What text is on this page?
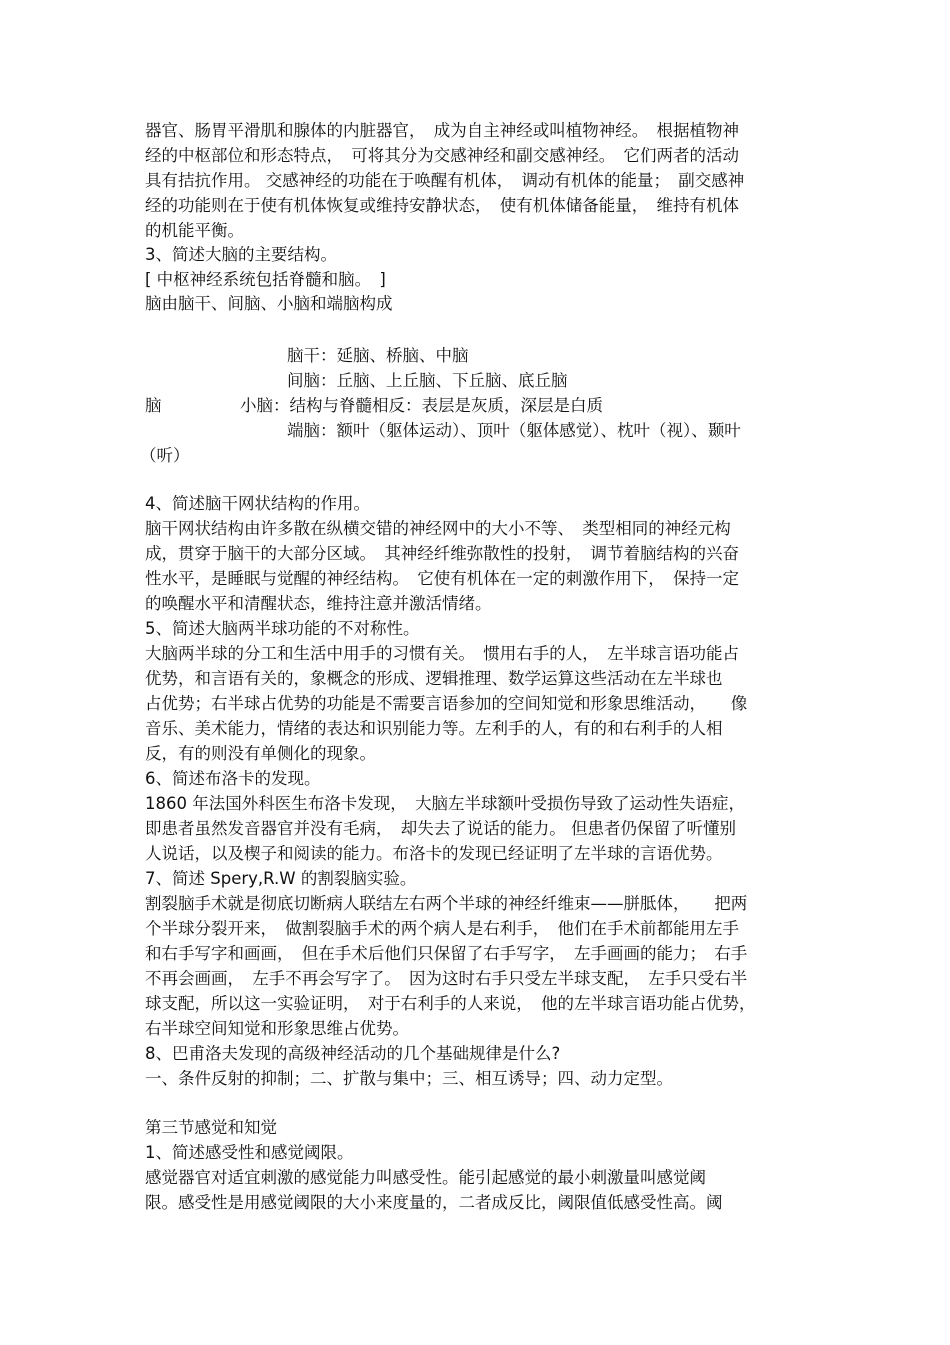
器官、肠胃平滑肌和腺体的内脏器官，　成为自主神经或叫植物神经。　根据植物神
经的中枢部位和形态特点，　可将其分为交感神经和副交感神经。　它们两者的活动
具有拮抗作用。 交感神经的功能在于唤醒有机体，　调动有机体的能量；　副交感神
经的功能则在于使有机体恢复或维持安静状态，　使有机体储备能量，　维持有机体
的机能平衡。
3、简述大脑的主要结构。
[ 中枢神经系统包括脊髓和脑。　]
脑由脑干、间脑、小脑和端脑构成
脑
脑干：延脑、桥脑、中脑
间脑：丘脑、上丘脑、下丘脑、底丘脑
小脑：结构与脊髓相反：表层是灰质，深层是白质
端脑：额叶（躯体运动）、顶叶（躯体感觉）、枕叶（视）、颞叶
（听）
4、简述脑干网状结构的作用。
脑干网状结构由许多散在纵横交错的神经网中的大小不等、　类型相同的神经元构
成，贯穿于脑干的大部分区域。　其神经纤维弥散性的投射，　调节着脑结构的兴奋
性水平，是睡眠与觉醒的神经结构。　它使有机体在一定的刺激作用下，　保持一定
的唤醒水平和清醒状态，维持注意并激活情绪。
5、简述大脑两半球功能的不对称性。
大脑两半球的分工和生活中用手的习惯有关。　惯用右手的人，　左半球言语功能占
优势，和言语有关的，象概念的形成、逻辑推理、数学运算这些活动在左半球也
占优势；右半球占优势的功能是不需要言语参加的空间知觉和形象思维活动，　　像
音乐、美术能力，情绪的表达和识别能力等。左利手的人，有的和右利手的人相
反，有的则没有单侧化的现象。
6、简述布洛卡的发现。
1860 年法国外科医生布洛卡发现，　大脑左半球额叶受损伤导致了运动性失语症，
即患者虽然发音器官并没有毛病，　却失去了说话的能力。 但患者仍保留了听懂别
人说话，以及楔子和阅读的能力。布洛卡的发现已经证明了左半球的言语优势。
7、简述 Spery,R.W 的割裂脑实验。
割裂脑手术就是彻底切断病人联结左右两个半球的神经纤维束——胼胝体，　　把两
个半球分裂开来，　做割裂脑手术的两个病人是右利手，　他们在手术前都能用左手
和右手写字和画画，　但在手术后他们只保留了右手写字，　左手画画的能力；　右手
不再会画画，　左手不再会写字了。　因为这时右手只受左半球支配，　左手只受右半
球支配，所以这一实验证明，　对于右利手的人来说，　他的左半球言语功能占优势，
右半球空间知觉和形象思维占优势。
8、巴甫洛夫发现的高级神经活动的几个基础规律是什么?
一、条件反射的抑制；二、扩散与集中；三、相互诱导；四、动力定型。
第三节感觉和知觉
1、简述感受性和感觉阈限。
感觉器官对适宜刺激的感觉能力叫感受性。能引起感觉的最小刺激量叫感觉阈
限。感受性是用感觉阈限的大小来度量的，二者成反比，阈限值低感受性高。阈
